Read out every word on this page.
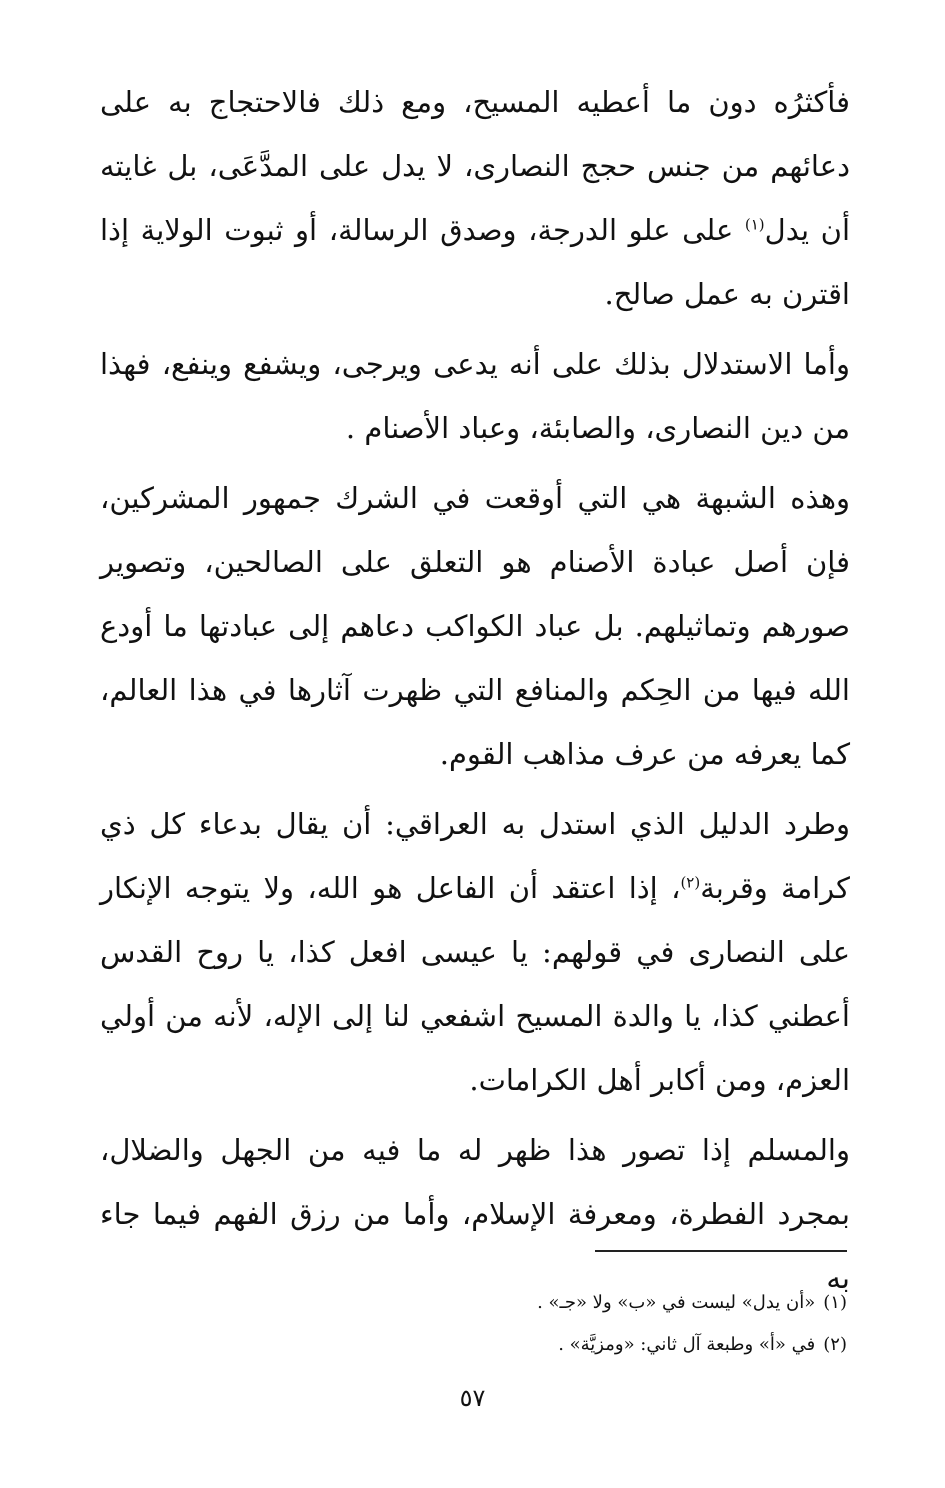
فأكثرُه دون ما أعطيه المسيح، ومع ذلك فالاحتجاج به على دعائهم من جنس حجج النصارى، لا يدل على المدَّعَى، بل غايته أن يدل$^{(١)}$ على علو الدرجة، وصدق الرسالة، أو ثبوت الولاية إذا اقترن به عمل صالح.

وأما الاستدلال بذلك على أنه يدعى ويرجى، ويشفع وينفع، فهذا من دين النصارى، والصابئة، وعباد الأصنام .

وهذه الشبهة هي التي أوقعت في الشرك جمهور المشركين، فإن أصل عبادة الأصنام هو التعلق على الصالحين، وتصوير صورهم وتماثيلهم. بل عباد الكواكب دعاهم إلى عبادتها ما أودع الله فيها من الحِكم والمنافع التي ظهرت آثارها في هذا العالم، كما يعرفه من عرف مذاهب القوم.

وطرد الدليل الذي استدل به العراقي: أن يقال بدعاء كل ذي كرامة وقربة$^{(٢)}$، إذا اعتقد أن الفاعل هو الله، ولا يتوجه الإنكار على النصارى في قولهم: يا عيسى افعل كذا، يا روح القدس أعطني كذا، يا والدة المسيح اشفعي لنا إلى الإله، لأنه من أولي العزم، ومن أكابر أهل الكرامات.

والمسلم إذا تصور هذا ظهر له ما فيه من الجهل والضلال، بمجرد الفطرة، ومعرفة الإسلام، وأما من رزق الفهم فيما جاء به

(١)«أن يدل» ليست في «ب» ولا «جـ» .

(٢)في «أ» وطبعة آل ثاني: «ومزيَّة» .

٥٧
